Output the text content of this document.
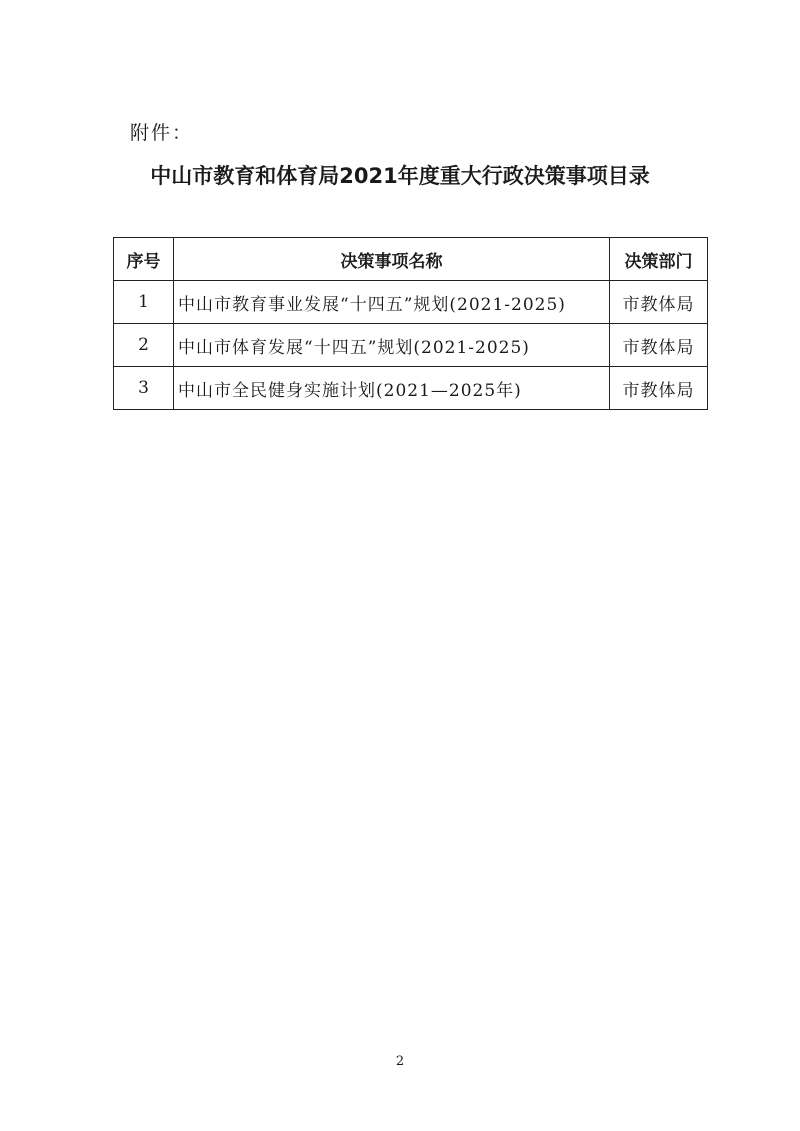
附件：
中山市教育和体育局2021年度重大行政决策事项目录
序号	决策事项名称	决策部门
1	中山市教育事业发展“十四五”规划(2021-2025)	市教体局
2	中山市体育发展“十四五”规划(2021-2025)	市教体局
3	中山市全民健身实施计划(2021—2025年)	市教体局
2
